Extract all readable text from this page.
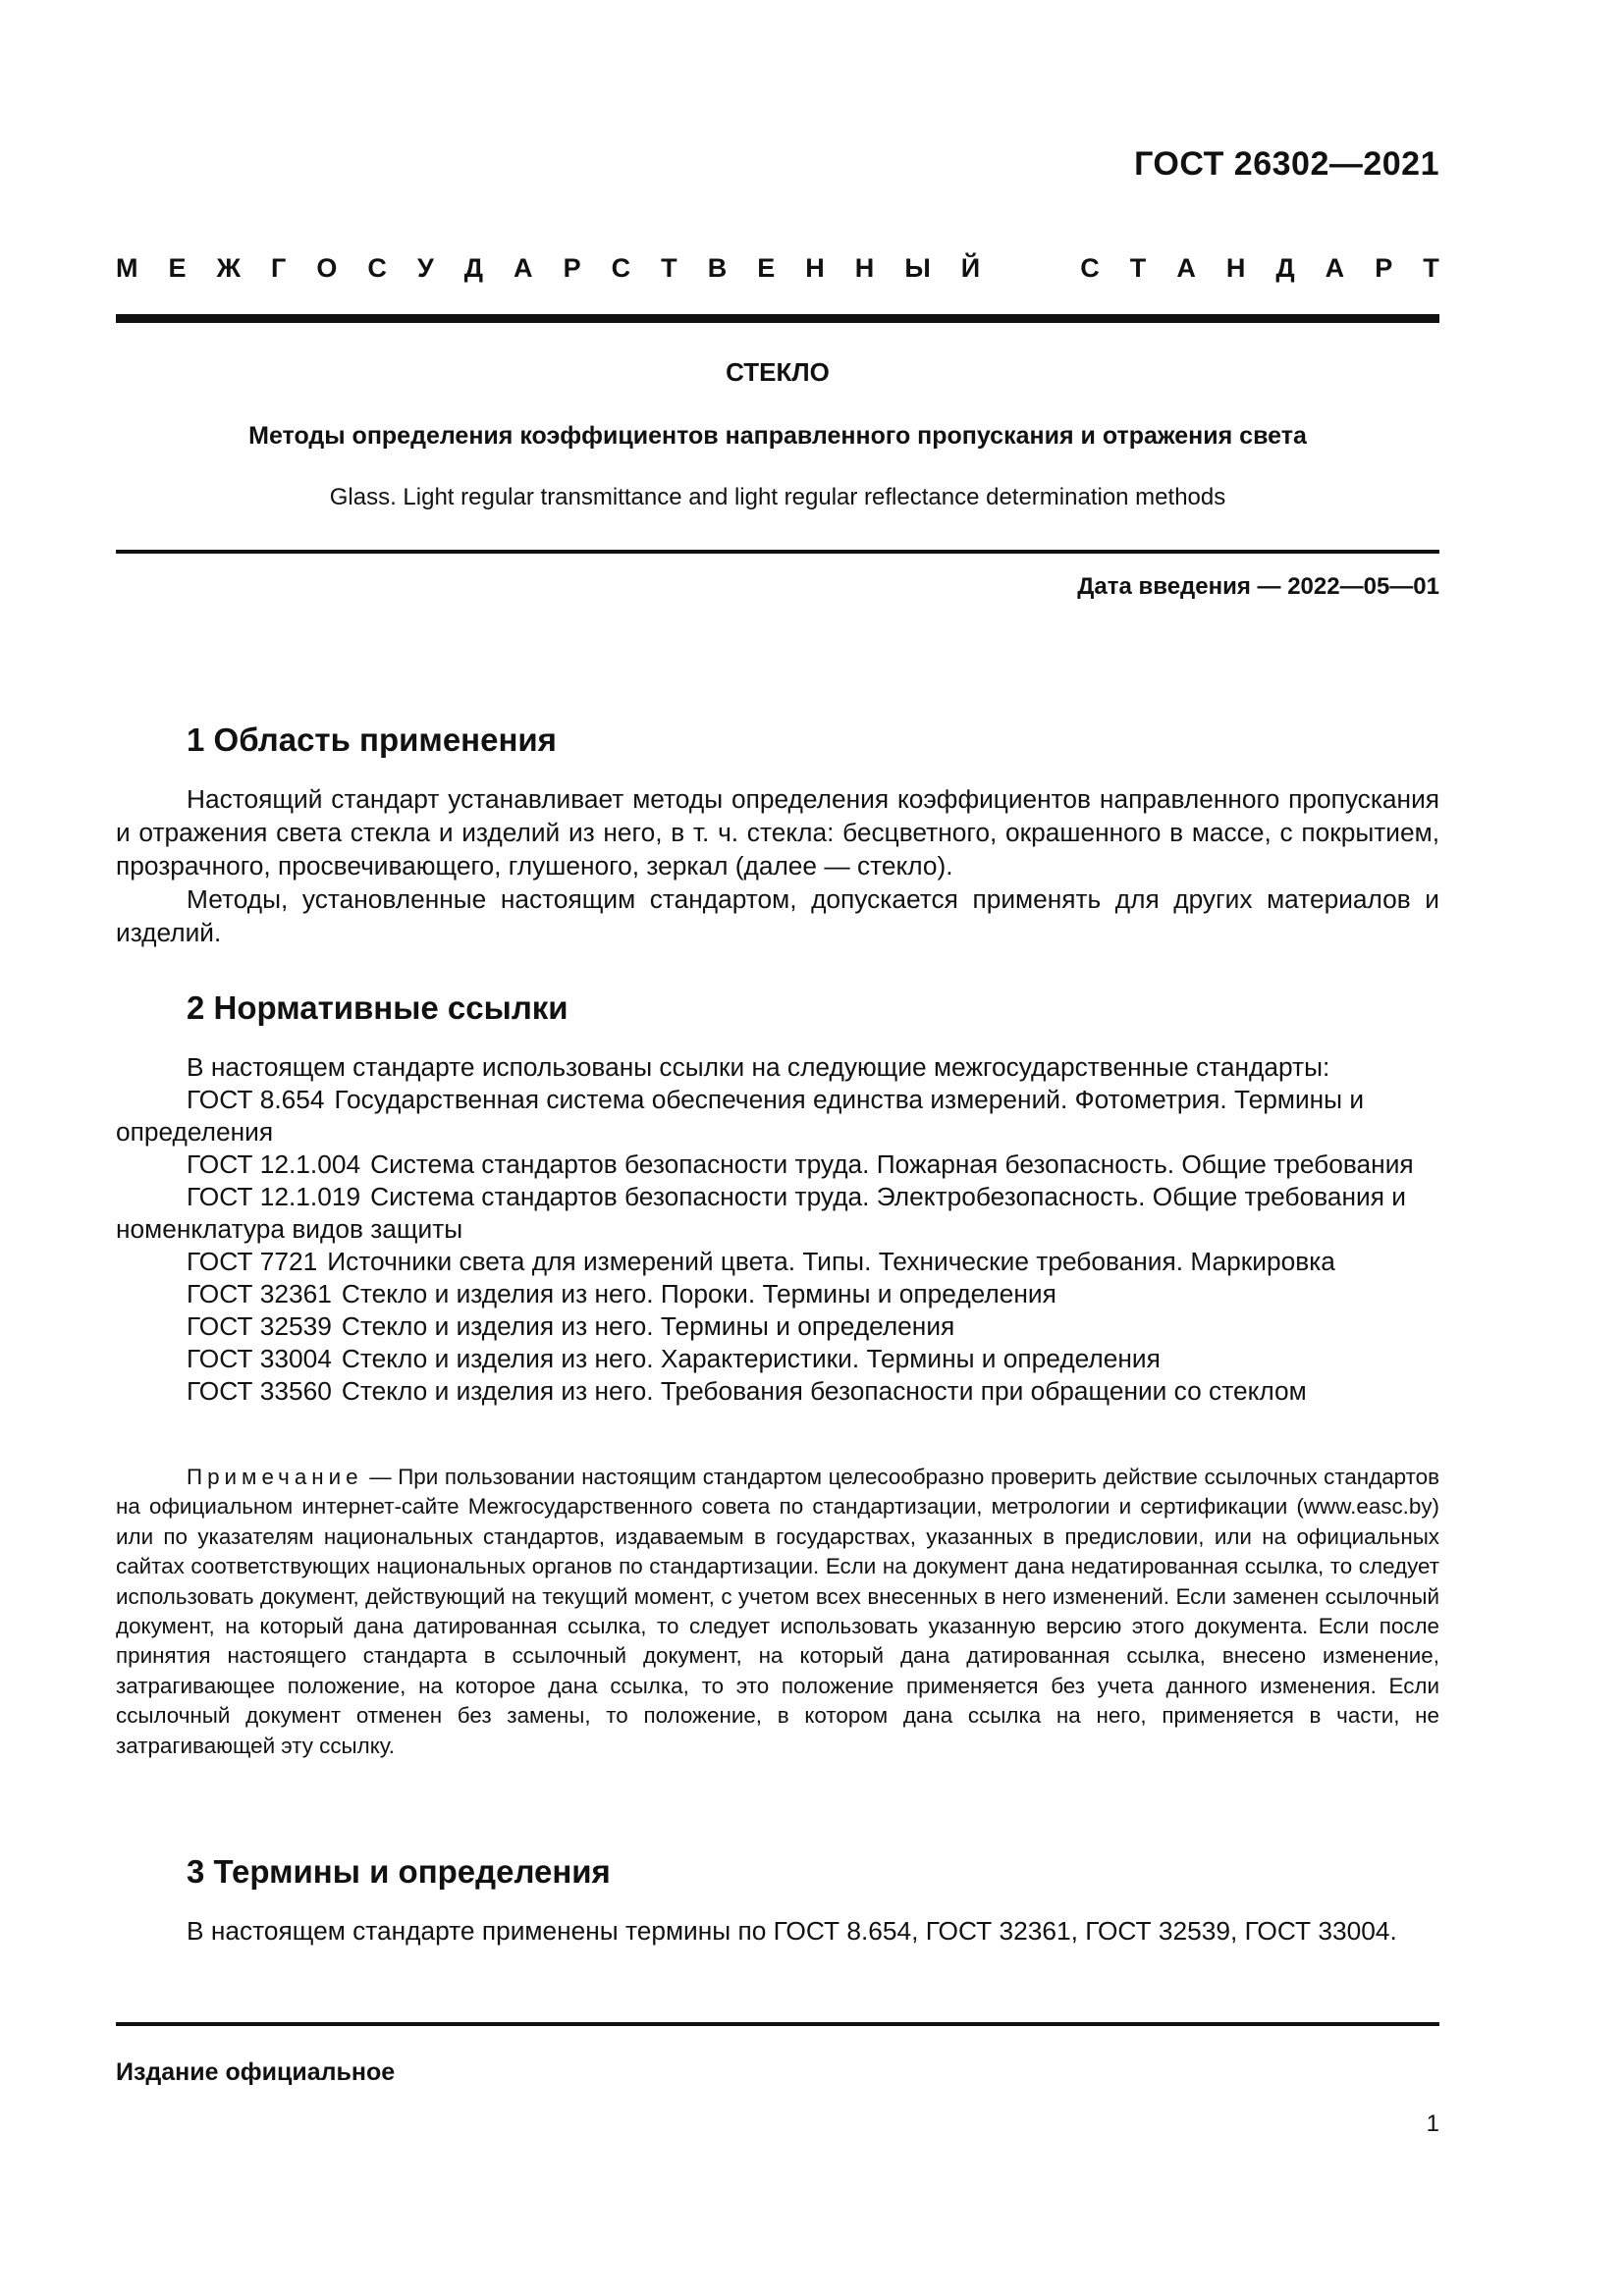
ГОСТ 26302—2021
М Е Ж Г О С У Д А Р С Т В Е Н Н Ы Й	С Т А Н Д А Р Т
СТЕКЛО
Методы определения коэффициентов направленного пропускания и отражения света
Glass. Light regular transmittance and light regular reflectance determination methods
Дата введения — 2022—05—01
1 Область применения

Настоящий стандарт устанавливает методы определения коэффициентов направленного пропускания и отражения света стекла и изделий из него, в т. ч. стекла: бесцветного, окрашенного в массе, с покрытием, прозрачного, просвечивающего, глушеного, зеркал (далее — стекло).

Методы, установленные настоящим стандартом, допускается применять для других материалов и изделий.

2 Нормативные ссылки
В настоящем стандарте использованы ссылки на следующие межгосударственные стандарты:
ГОСТ 8.654 Государственная система обеспечения единства измерений. Фотометрия. Термины и определения
ГОСТ 12.1.004 Система стандартов безопасности труда. Пожарная безопасность. Общие требования
ГОСТ 12.1.019 Система стандартов безопасности труда. Электробезопасность. Общие требования и номенклатура видов защиты
ГОСТ 7721 Источники света для измерений цвета. Типы. Технические требования. Маркировка
ГОСТ 32361 Стекло и изделия из него. Пороки. Термины и определения
ГОСТ 32539 Стекло и изделия из него. Термины и определения
ГОСТ 33004 Стекло и изделия из него. Характеристики. Термины и определения
ГОСТ 33560 Стекло и изделия из него. Требования безопасности при обращении со стеклом
Примечание — При пользовании настоящим стандартом целесообразно проверить действие ссылочных стандартов на официальном интернет-сайте Межгосударственного совета по стандартизации, метрологии и сертификации (www.easc.by) или по указателям национальных стандартов, издаваемым в государствах, указанных в предисловии, или на официальных сайтах соответствующих национальных органов по стандартизации. Если на документ дана недатированная ссылка, то следует использовать документ, действующий на текущий момент, с учетом всех внесенных в него изменений. Если заменен ссылочный документ, на который дана датированная ссылка, то следует использовать указанную версию этого документа. Если после принятия настоящего стандарта в ссылочный документ, на который дана датированная ссылка, внесено изменение, затрагивающее положение, на которое дана ссылка, то это положение применяется без учета данного изменения. Если ссылочный документ отменен без замены, то положение, в котором дана ссылка на него, применяется в части, не затрагивающей эту ссылку.
3 Термины и определения

В настоящем стандарте применены термины по ГОСТ 8.654, ГОСТ 32361, ГОСТ 32539, ГОСТ 33004.

Издание официальное
1
